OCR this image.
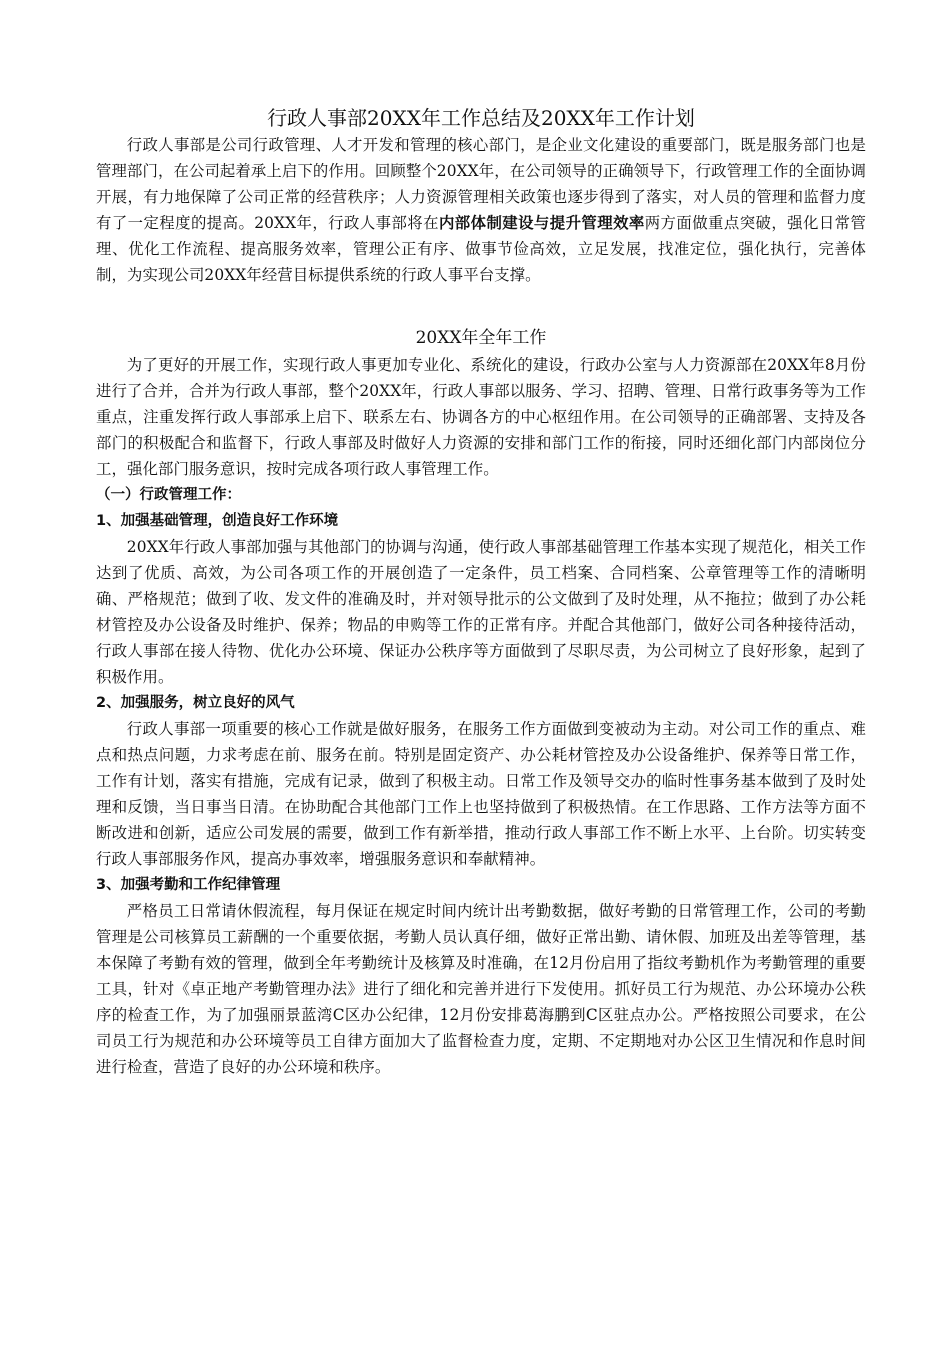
行政人事部20XX年工作总结及20XX年工作计划

行政人事部是公司行政管理、人才开发和管理的核心部门，是企业文化建设的重要部门，既是服务部门也是管理部门，在公司起着承上启下的作用。回顾整个20XX年，在公司领导的正确领导下，行政管理工作的全面协调开展，有力地保障了公司正常的经营秩序；人力资源管理相关政策也逐步得到了落实，对人员的管理和监督力度有了一定程度的提高。20XX年，行政人事部将在内部体制建设与提升管理效率两方面做重点突破，强化日常管理、优化工作流程、提高服务效率，管理公正有序、做事节俭高效，立足发展，找准定位，强化执行，完善体制，为实现公司20XX年经营目标提供系统的行政人事平台支撑。

20XX年全年工作

为了更好的开展工作，实现行政人事更加专业化、系统化的建设，行政办公室与人力资源部在20XX年8月份进行了合并，合并为行政人事部，整个20XX年，行政人事部以服务、学习、招聘、管理、日常行政事务等为工作重点，注重发挥行政人事部承上启下、联系左右、协调各方的中心枢纽作用。在公司领导的正确部署、支持及各部门的积极配合和监督下，行政人事部及时做好人力资源的安排和部门工作的衔接，同时还细化部门内部岗位分工，强化部门服务意识，按时完成各项行政人事管理工作。

（一）行政管理工作：

1、加强基础管理，创造良好工作环境

20XX年行政人事部加强与其他部门的协调与沟通，使行政人事部基础管理工作基本实现了规范化，相关工作达到了优质、高效，为公司各项工作的开展创造了一定条件，员工档案、合同档案、公章管理等工作的清晰明确、严格规范；做到了收、发文件的准确及时，并对领导批示的公文做到了及时处理，从不拖拉；做到了办公耗材管控及办公设备及时维护、保养；物品的申购等工作的正常有序。并配合其他部门，做好公司各种接待活动，行政人事部在接人待物、优化办公环境、保证办公秩序等方面做到了尽职尽责，为公司树立了良好形象，起到了积极作用。

2、加强服务，树立良好的风气

行政人事部一项重要的核心工作就是做好服务，在服务工作方面做到变被动为主动。对公司工作的重点、难点和热点问题，力求考虑在前、服务在前。特别是固定资产、办公耗材管控及办公设备维护、保养等日常工作，工作有计划，落实有措施，完成有记录，做到了积极主动。日常工作及领导交办的临时性事务基本做到了及时处理和反馈，当日事当日清。在协助配合其他部门工作上也坚持做到了积极热情。在工作思路、工作方法等方面不断改进和创新，适应公司发展的需要，做到工作有新举措，推动行政人事部工作不断上水平、上台阶。切实转变行政人事部服务作风，提高办事效率，增强服务意识和奉献精神。

3、加强考勤和工作纪律管理

严格员工日常请休假流程，每月保证在规定时间内统计出考勤数据，做好考勤的日常管理工作，公司的考勤管理是公司核算员工薪酬的一个重要依据，考勤人员认真仔细，做好正常出勤、请休假、加班及出差等管理，基本保障了考勤有效的管理，做到全年考勤统计及核算及时准确，在12月份启用了指纹考勤机作为考勤管理的重要工具，针对《卓正地产考勤管理办法》进行了细化和完善并进行下发使用。抓好员工行为规范、办公环境办公秩序的检查工作，为了加强丽景蓝湾C区办公纪律，12月份安排葛海鹏到C区驻点办公。严格按照公司要求，在公司员工行为规范和办公环境等员工自律方面加大了监督检查力度，定期、不定期地对办公区卫生情况和作息时间进行检查，营造了良好的办公环境和秩序。
